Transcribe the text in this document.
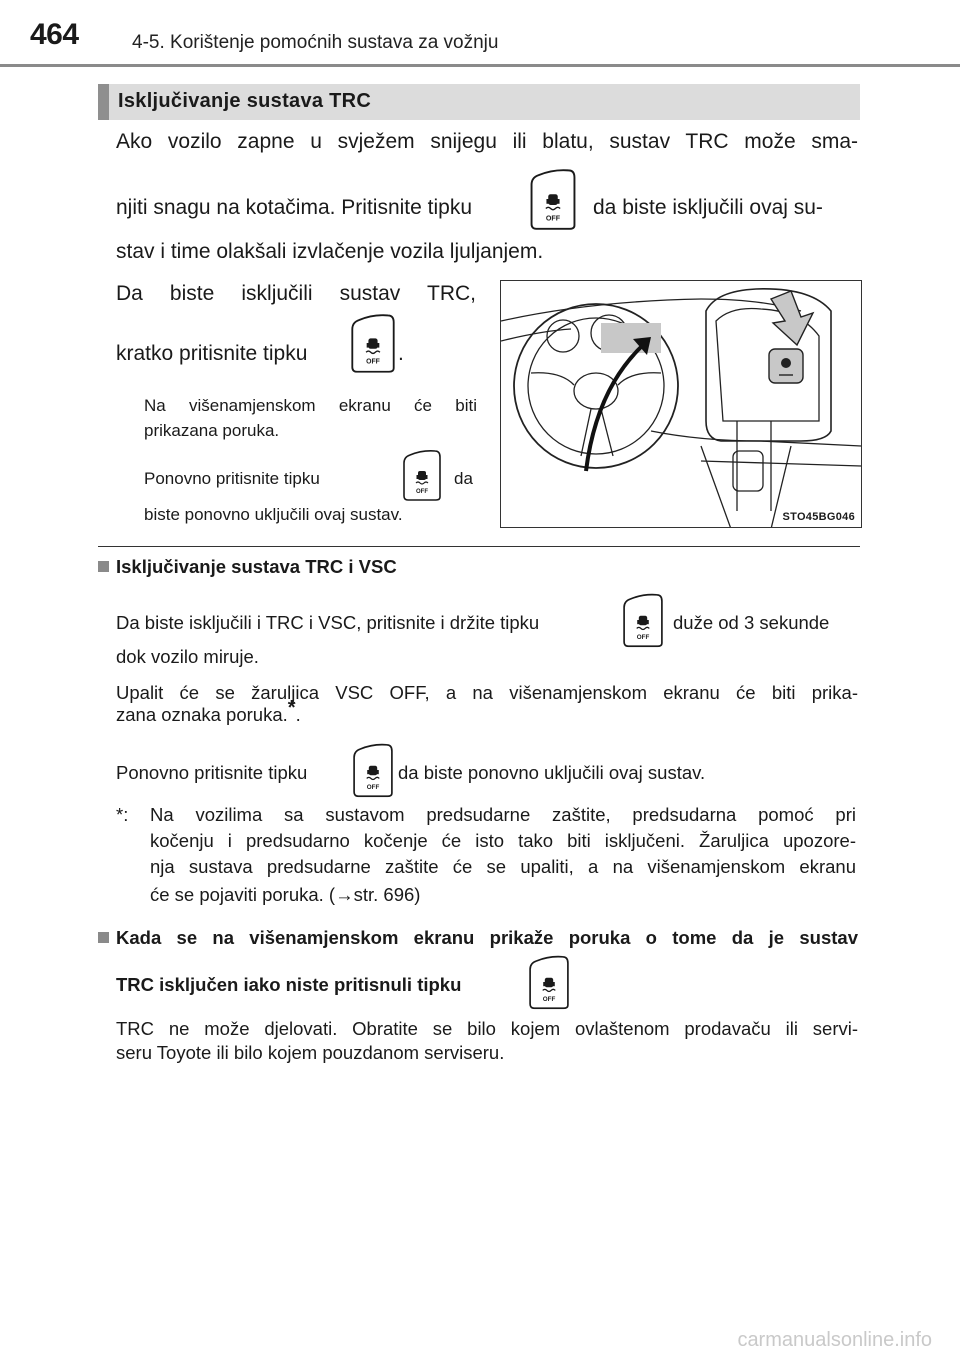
464	4-5. Korištenje pomoćnih sustava za vožnju
Isključivanje sustava TRC
Ako vozilo zapne u svježem snijegu ili blatu, sustav TRC može sma-
njiti snagu na kotačima. Pritisnite tipku	da biste isključili ovaj su-
stav i time olakšali izvlačenje vozila ljuljanjem.
Da biste isključili sustav TRC,
kratko pritisnite tipku	.
Na višenamjenskom ekranu će biti
prikazana poruka.
Ponovno pritisnite tipku	da
biste ponovno uključili ovaj sustav.	STO45BG046
Isključivanje sustava TRC i VSC
Da biste isključili i TRC i VSC, pritisnite i držite tipku	duže od 3 sekunde
dok vozilo miruje.
Upalit će se žaruljica VSC OFF, a na višenamjenskom ekranu će biti prika-
zana oznaka poruka.*.
Ponovno pritisnite tipku	da biste ponovno uključili ovaj sustav.
*: Na vozilima sa sustavom predsudarne zaštite, predsudarna pomoć pri
kočenju i predsudarno kočenje će isto tako biti isključeni. Žaruljica upozore-
nja sustava predsudarne zaštite će se upaliti, a na višenamjenskom ekranu
će se pojaviti poruka. (→str. 696)
Kada se na višenamjenskom ekranu prikaže poruka o tome da je sustav
TRC isključen iako niste pritisnuli tipku
TRC ne može djelovati. Obratite se bilo kojem ovlaštenom prodavaču ili servi-
seru Toyote ili bilo kojem pouzdanom serviseru.
carmanualsonline.info
